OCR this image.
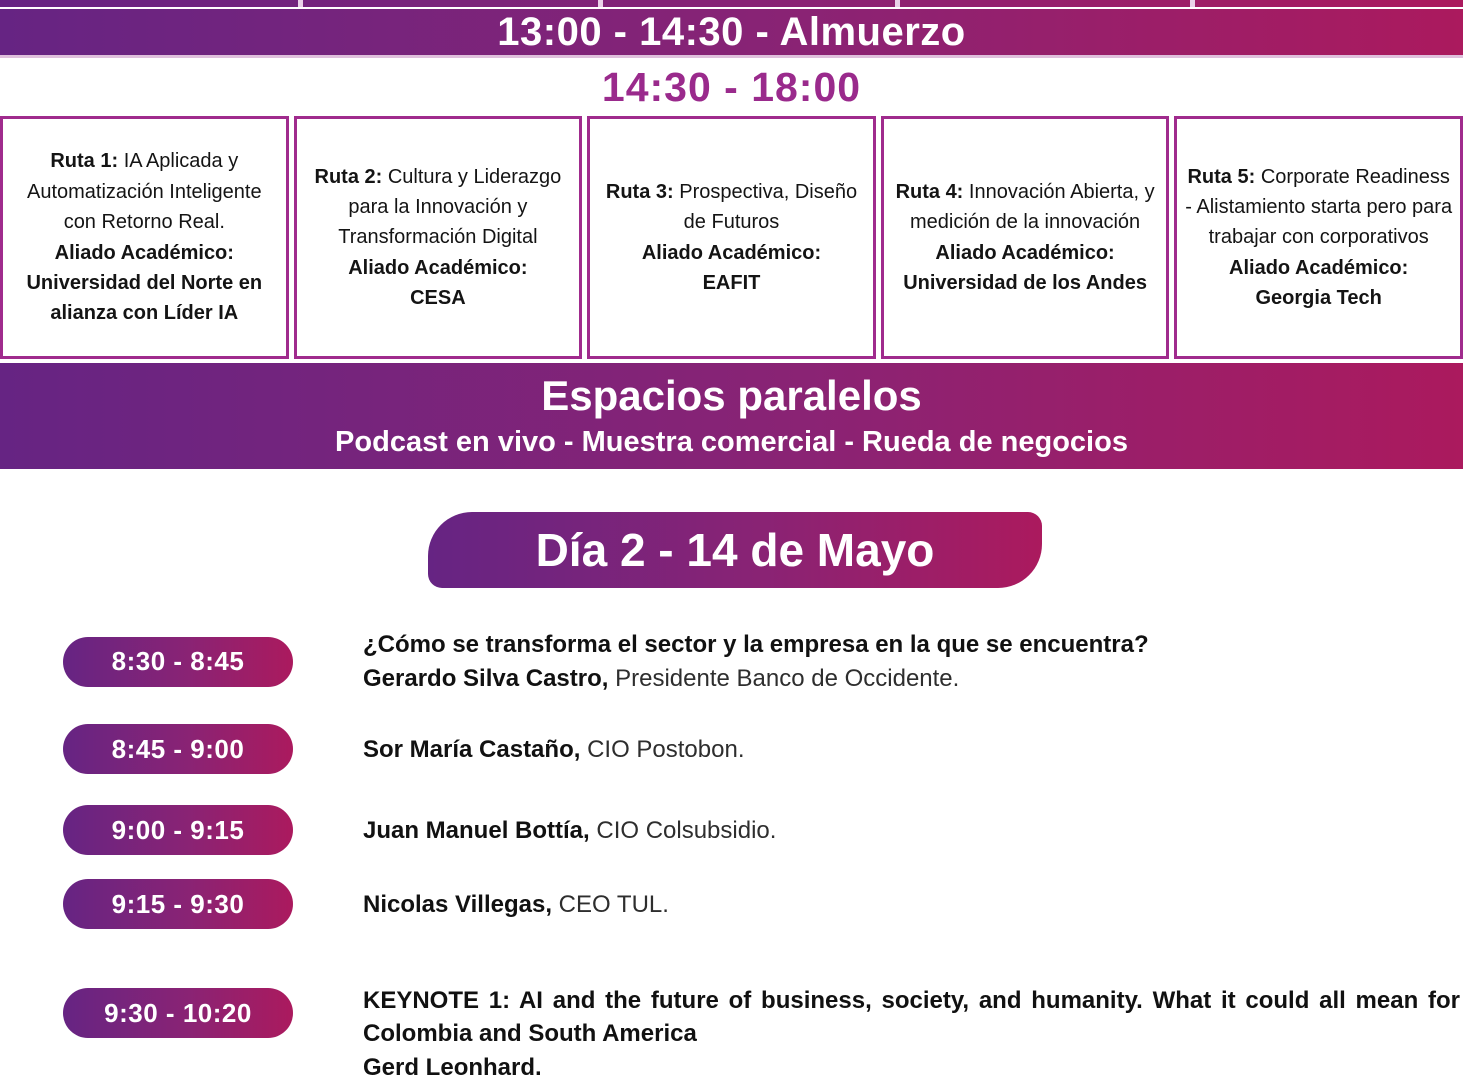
13:00 - 14:30 - Almuerzo
14:30 - 18:00
Ruta 1: IA Aplicada y Automatización Inteligente con Retorno Real.
Aliado Académico:
Universidad del Norte en alianza con Líder IA
Ruta 2: Cultura y Liderazgo para la Innovación y Transformación Digital
Aliado Académico:
CESA
Ruta 3: Prospectiva, Diseño de Futuros
Aliado Académico:
EAFIT
Ruta 4: Innovación Abierta, y medición de la innovación
Aliado Académico:
Universidad de los Andes
Ruta 5: Corporate Readiness - Alistamiento starta pero para trabajar con corporativos
Aliado Académico:
Georgia Tech
Espacios paralelos
Podcast en vivo - Muestra comercial - Rueda de negocios
Día 2 - 14 de Mayo
8:30 - 8:45
¿Cómo se transforma el sector y la empresa en la que se encuentra?
Gerardo Silva Castro, Presidente Banco de Occidente.
8:45 - 9:00	Sor María Castaño, CIO Postobon.
9:00 - 9:15	Juan Manuel Bottía, CIO Colsubsidio.
9:15 - 9:30	Nicolas Villegas, CEO TUL.
9:30 - 10:20	KEYNOTE 1: AI and the future of business, society, and humanity. What it could all mean for Colombia and South America
Gerd Leonhard.
